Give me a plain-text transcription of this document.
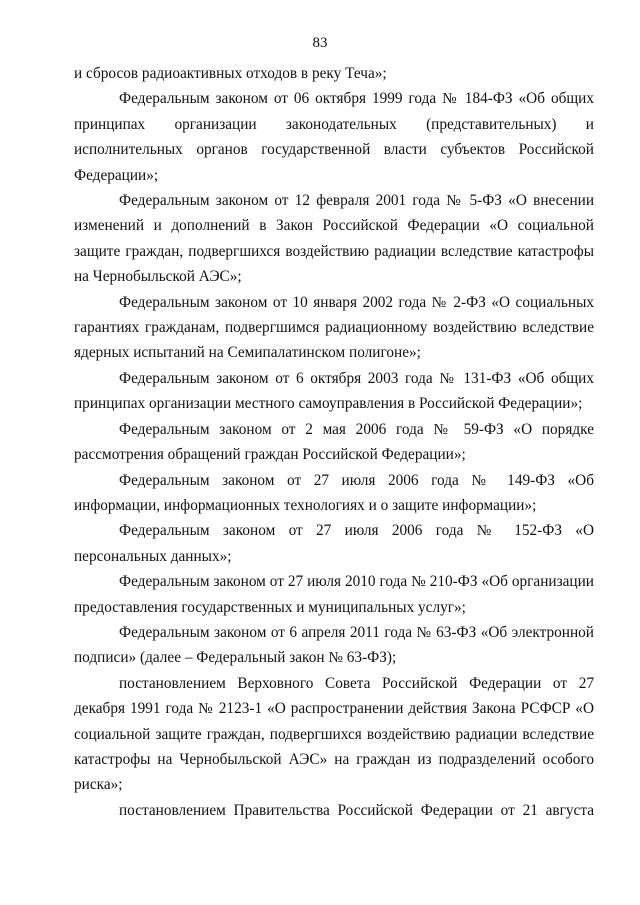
83

и сбросов радиоактивных отходов в реку Теча»;

Федеральным законом от 06 октября 1999 года № 184-ФЗ «Об общих принципах организации законодательных (представительных) и исполнительных органов государственной власти субъектов Российской Федерации»;

Федеральным законом от 12 февраля 2001 года № 5-ФЗ «О внесении изменений и дополнений в Закон Российской Федерации «О социальной защите граждан, подвергшихся воздействию радиации вследствие катастрофы на Чернобыльской АЭС»;

Федеральным законом от 10 января 2002 года № 2-ФЗ «О социальных гарантиях гражданам, подвергшимся радиационному воздействию вследствие ядерных испытаний на Семипалатинском полигоне»;

Федеральным законом от 6 октября 2003 года № 131-ФЗ «Об общих принципах организации местного самоуправления в Российской Федерации»;

Федеральным законом от 2 мая 2006 года № 59-ФЗ «О порядке рассмотрения обращений граждан Российской Федерации»;

Федеральным законом от 27 июля 2006 года № 149-ФЗ «Об информации, информационных технологиях и о защите информации»;

Федеральным законом от 27 июля 2006 года № 152-ФЗ «О персональных данных»;

Федеральным законом от 27 июля 2010 года № 210-ФЗ «Об организации предоставления государственных и муниципальных услуг»;

Федеральным законом от 6 апреля 2011 года № 63-ФЗ «Об электронной подписи» (далее – Федеральный закон № 63-ФЗ);

постановлением Верховного Совета Российской Федерации от 27 декабря 1991 года № 2123-1 «О распространении действия Закона РСФСР «О социальной защите граждан, подвергшихся воздействию радиации вследствие катастрофы на Чернобыльской АЭС» на граждан из подразделений особого риска»;

постановлением Правительства Российской Федерации от 21 августа
